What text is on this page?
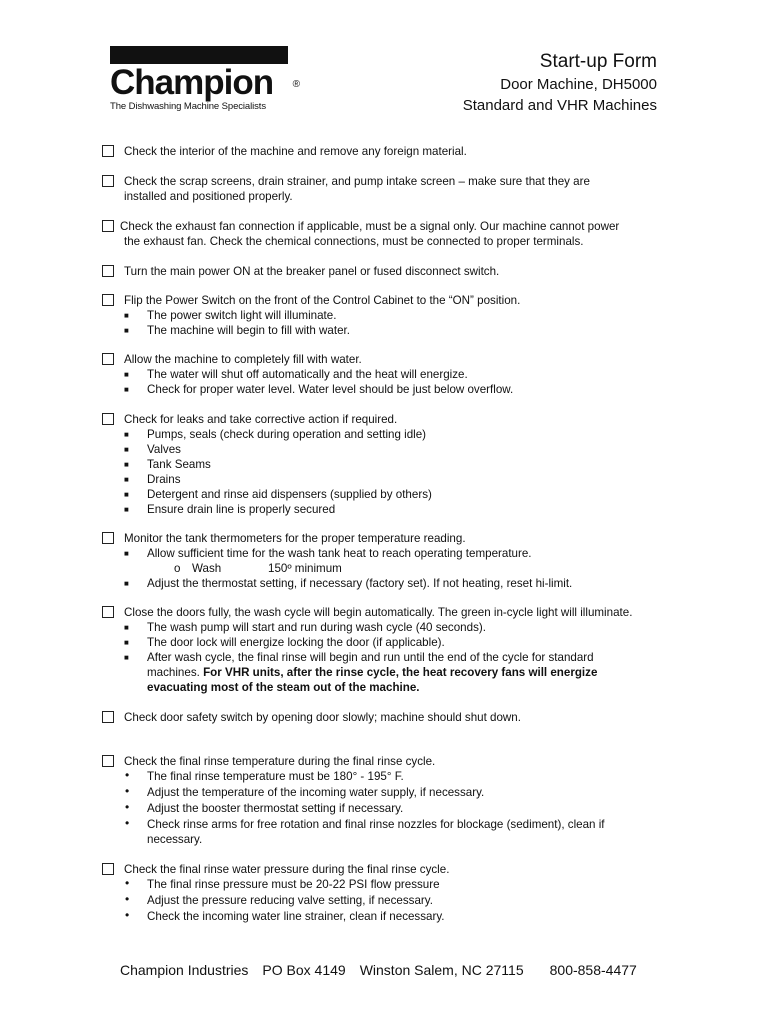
Champion ®
The Dishwashing Machine Specialists
Start-up Form
Door Machine, DH5000
Standard and VHR Machines
Check the interior of the machine and remove any foreign material.
Check the scrap screens, drain strainer, and pump intake screen – make sure that they are
installed and positioned properly.
Check the exhaust fan connection if applicable, must be a signal only. Our machine cannot power
the exhaust fan. Check the chemical connections, must be connected to proper terminals.
Turn the main power ON at the breaker panel or fused disconnect switch.
Flip the Power Switch on the front of the Control Cabinet to the “ON” position.
■ The power switch light will illuminate.
■ The machine will begin to fill with water.
Allow the machine to completely fill with water.
■ The water will shut off automatically and the heat will energize.
■ Check for proper water level. Water level should be just below overflow.
Check for leaks and take corrective action if required.
■ Pumps, seals (check during operation and setting idle)
■ Valves
■ Tank Seams
■ Drains
■ Detergent and rinse aid dispensers (supplied by others)
■ Ensure drain line is properly secured
Monitor the tank thermometers for the proper temperature reading.
■ Allow sufficient time for the wash tank heat to reach operating temperature.
o Wash	150º minimum
■ Adjust the thermostat setting, if necessary (factory set). If not heating, reset hi-limit.
Close the doors fully, the wash cycle will begin automatically. The green in-cycle light will illuminate.
■ The wash pump will start and run during wash cycle (40 seconds).
■ The door lock will energize locking the door (if applicable).
■ After wash cycle, the final rinse will begin and run until the end of the cycle for standard
machines. For VHR units, after the rinse cycle, the heat recovery fans will energize
evacuating most of the steam out of the machine.
Check door safety switch by opening door slowly; machine should shut down.
Check the final rinse temperature during the final rinse cycle.
• The final rinse temperature must be 180° - 195° F.
• Adjust the temperature of the incoming water supply, if necessary.
• Adjust the booster thermostat setting if necessary.
• Check rinse arms for free rotation and final rinse nozzles for blockage (sediment), clean if
necessary.
Check the final rinse water pressure during the final rinse cycle.
• The final rinse pressure must be 20-22 PSI flow pressure
• Adjust the pressure reducing valve setting, if necessary.
• Check the incoming water line strainer, clean if necessary.
Champion Industries PO Box 4149 Winston Salem, NC 27115 800-858-4477
